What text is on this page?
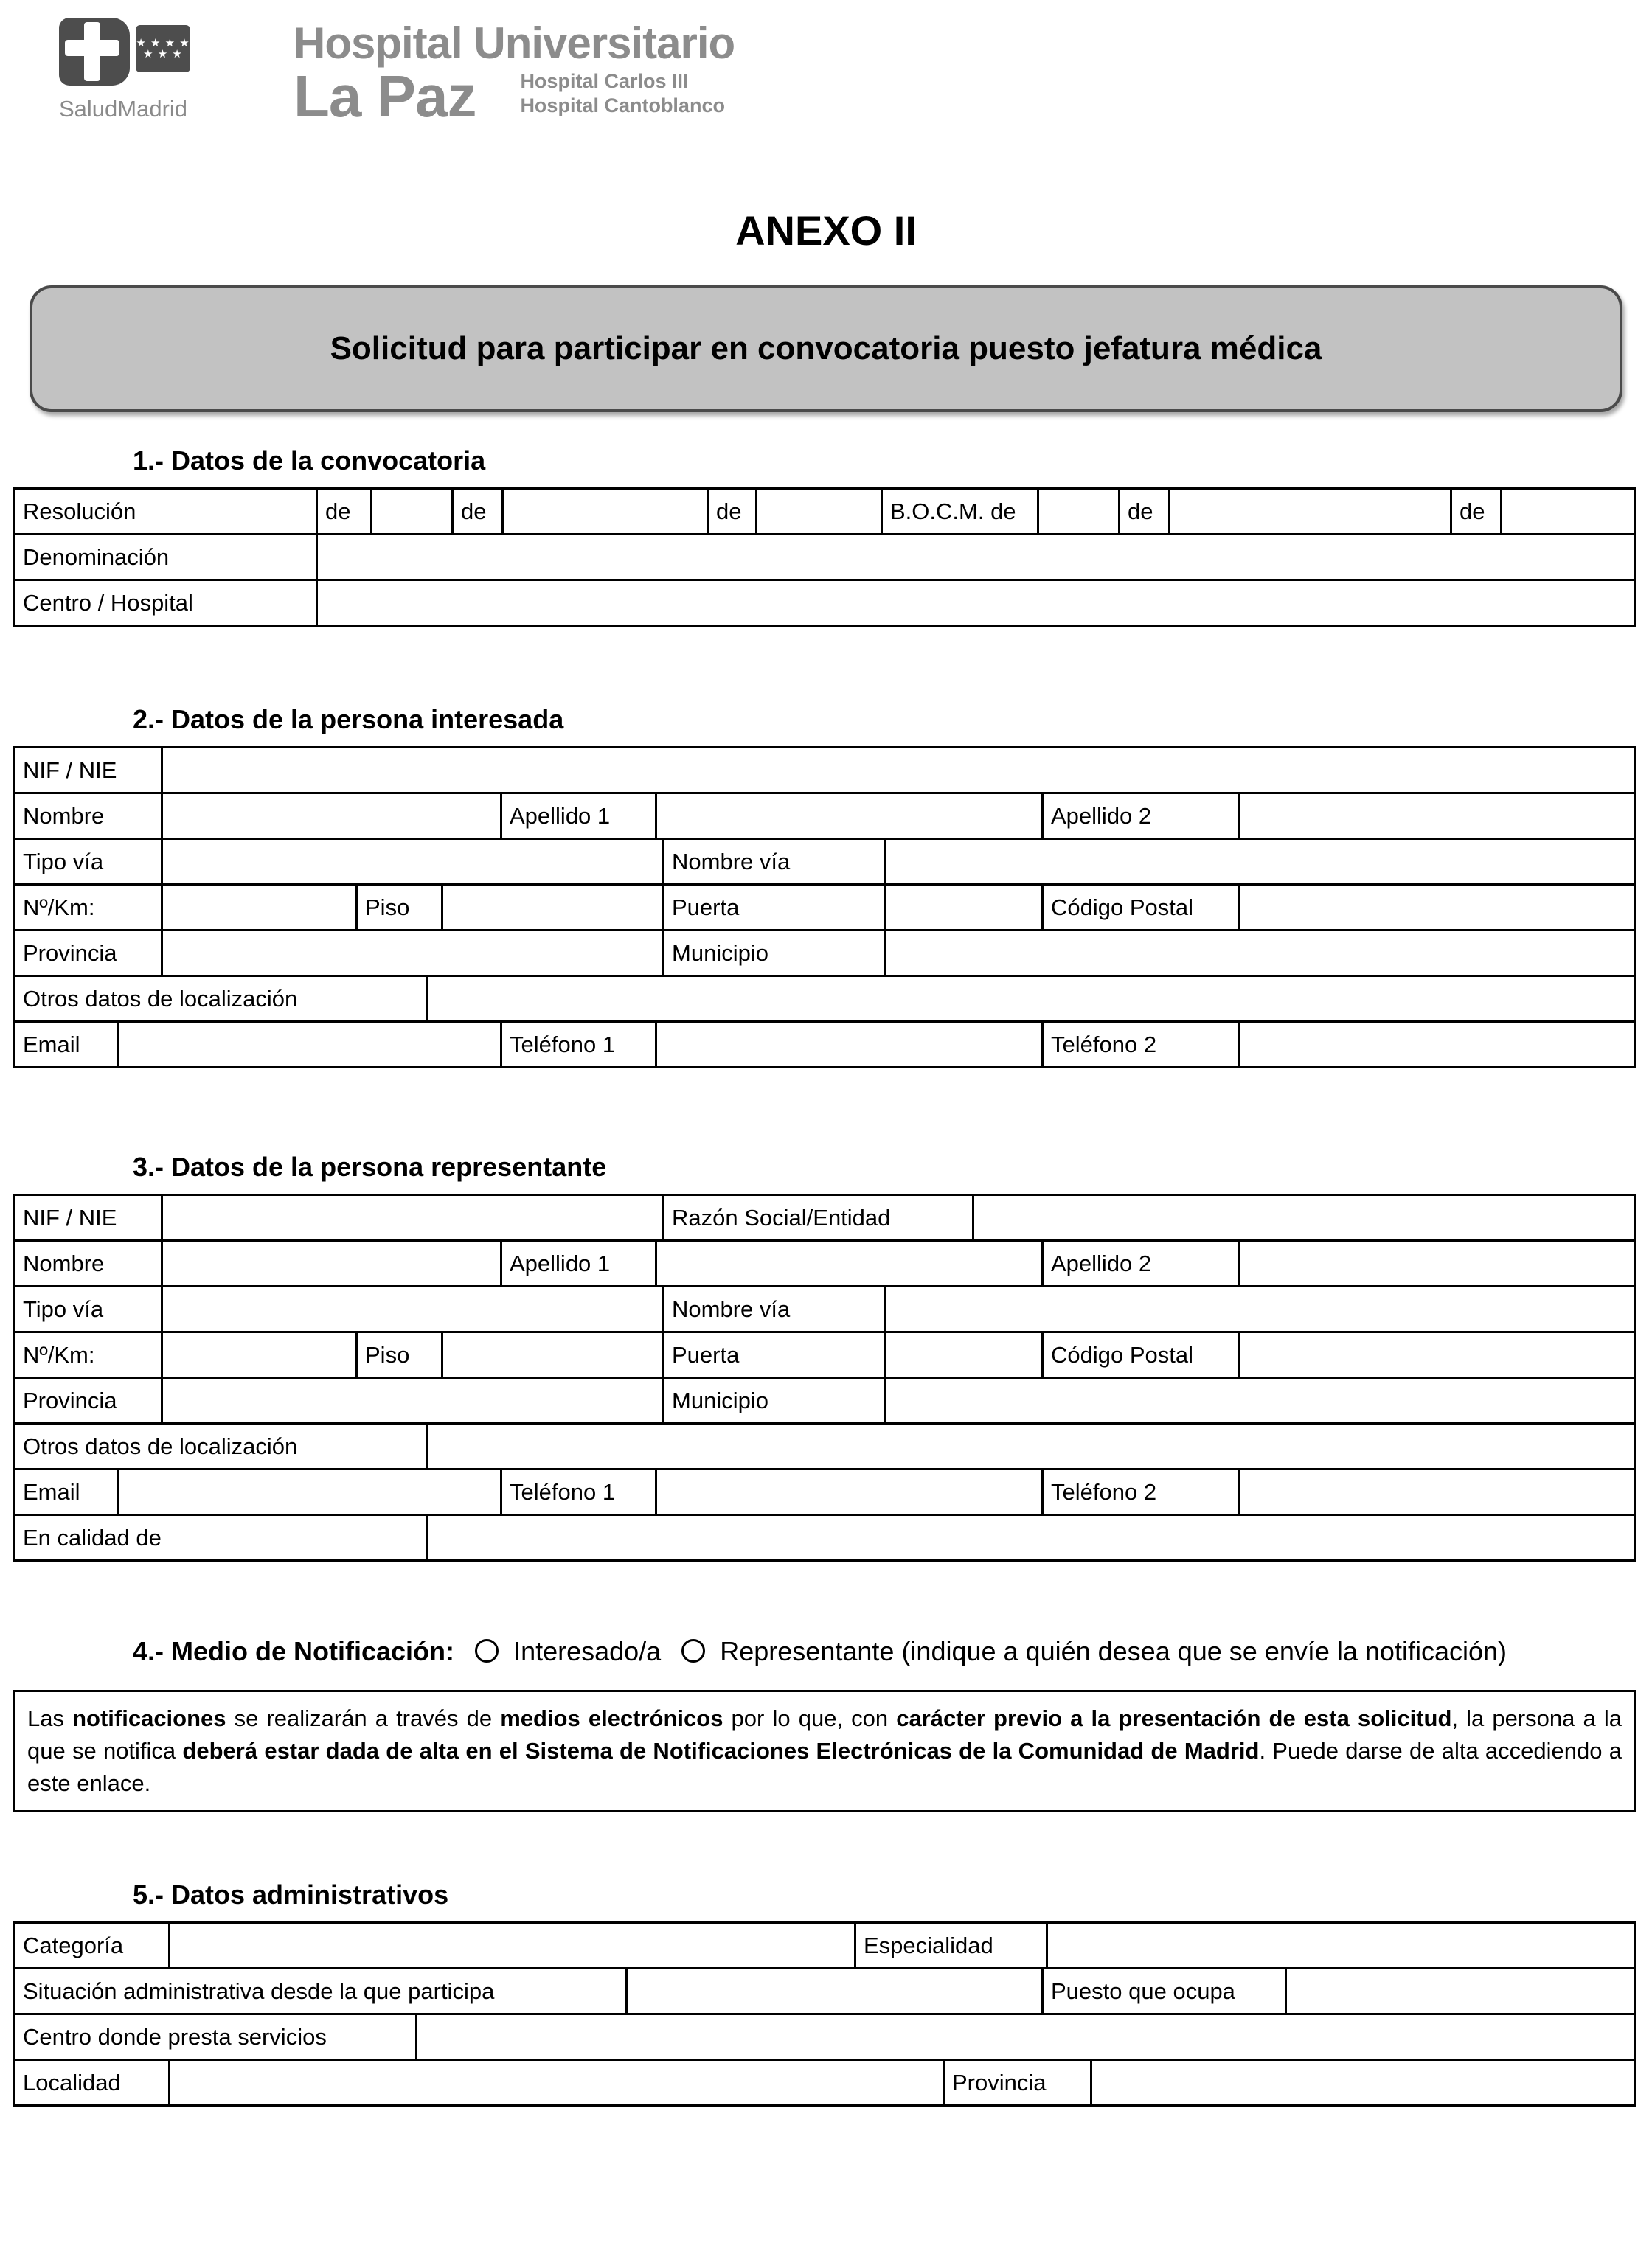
★ ★ ★ ★
★ ★ ★
SaludMadrid
Hospital Universitario
La Paz Hospital Carlos III
Hospital Cantoblanco
ANEXO II
Solicitud para participar en convocatoria puesto jefatura médica
1.- Datos de la convocatoria
Resolución	de	de	de	B.O.C.M. de	de	de
Denominación
Centro / Hospital
2.- Datos de la persona interesada
NIF / NIE
Nombre	Apellido 1	Apellido 2
Tipo vía	Nombre vía
Nº/Km:	Piso	Puerta	Código Postal
Provincia	Municipio
Otros datos de localización
Email	Teléfono 1	Teléfono 2
3.- Datos de la persona representante
NIF / NIE	Razón Social/Entidad
Nombre	Apellido 1	Apellido 2
Tipo vía	Nombre vía
Nº/Km:	Piso	Puerta	Código Postal
Provincia	Municipio
Otros datos de localización
Email	Teléfono 1	Teléfono 2
En calidad de
4.- Medio de Notificación: Interesado/a Representante (indique a quién desea que se envíe la notificación)
Las notificaciones se realizarán a través de medios electrónicos por lo que, con carácter previo a la presentación de esta solicitud, la persona a la que se notifica deberá estar dada de alta en el Sistema de Notificaciones Electrónicas de la Comunidad de Madrid. Puede darse de alta accediendo a este enlace.
5.- Datos administrativos
Categoría	Especialidad
Situación administrativa desde la que participa	Puesto que ocupa
Centro donde presta servicios
Localidad	Provincia
